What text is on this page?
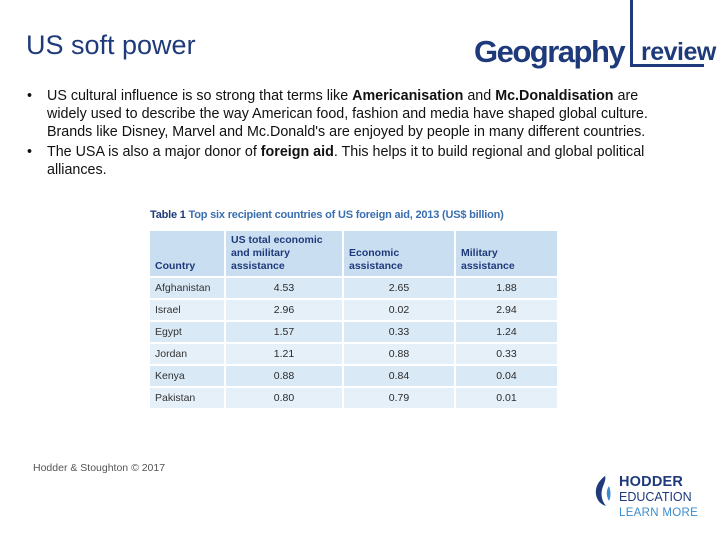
US soft power	Geography review
• US cultural influence is so strong that terms like Americanisation and Mc.Donaldisation are widely used to describe the way American food, fashion and media have shaped global culture. Brands like Disney, Marvel and Mc.Donald's are enjoyed by people in many different countries.
• The USA is also a major donor of foreign aid. This helps it to build regional and global political alliances.
Table 1 Top six recipient countries of US foreign aid, 2013 (US$ billion)
Country	US total economic and military assistance	Economic assistance	Military assistance
Afghanistan	4.53	2.65	1.88
Israel	2.96	0.02	2.94
Egypt	1.57	0.33	1.24
Jordan	1.21	0.88	0.33
Kenya	0.88	0.84	0.04
Pakistan	0.80	0.79	0.01
Hodder & Stoughton © 2017
HODDER
EDUCATION
LEARN MORE
